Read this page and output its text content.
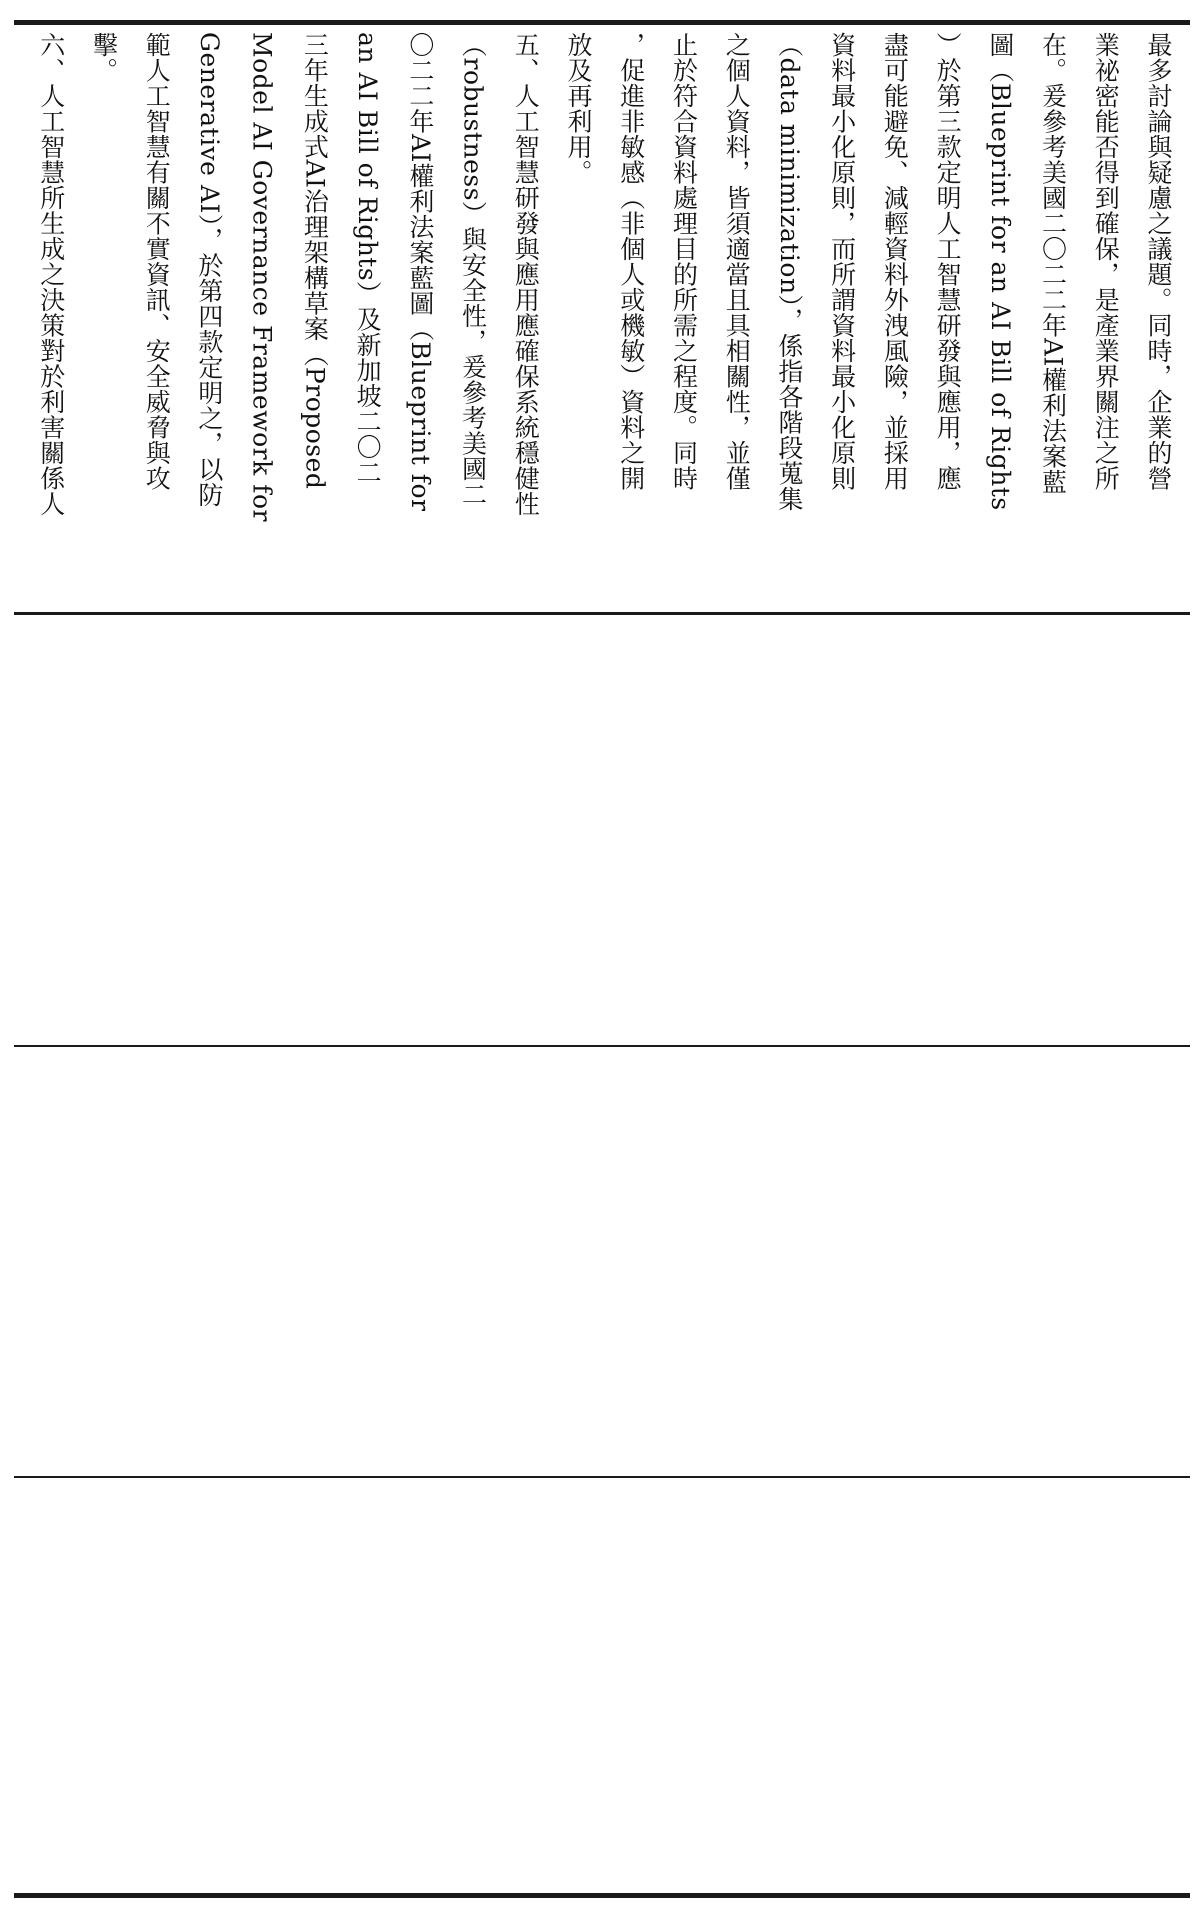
最多討論與疑慮之議題。同時，企業的營
業祕密能否得到確保，是產業界關注之所
在。爰參考美國二〇二二年AI權利法案藍
圖（Blueprint for an AI Bill of Rights
）於第三款定明人工智慧研發與應用，應
盡可能避免、減輕資料外洩風險，並採用
資料最小化原則，而所謂資料最小化原則
（data minimization），係指各階段蒐集
之個人資料，皆須適當且具相關性，並僅
止於符合資料處理目的所需之程度。同時
，促進非敏感（非個人或機敏）資料之開
放及再利用。
五、人工智慧研發與應用應確保系統穩健性
（robustness）與安全性，爰參考美國二
〇二二年AI權利法案藍圖（Blueprint for
an AI Bill of Rights）及新加坡二〇二
三年生成式AI治理架構草案（Proposed
Model AI Governance Framework for
Generative AI），於第四款定明之，以防
範人工智慧有關不實資訊、安全威脅與攻
擊。
六、人工智慧所生成之決策對於利害關係人
